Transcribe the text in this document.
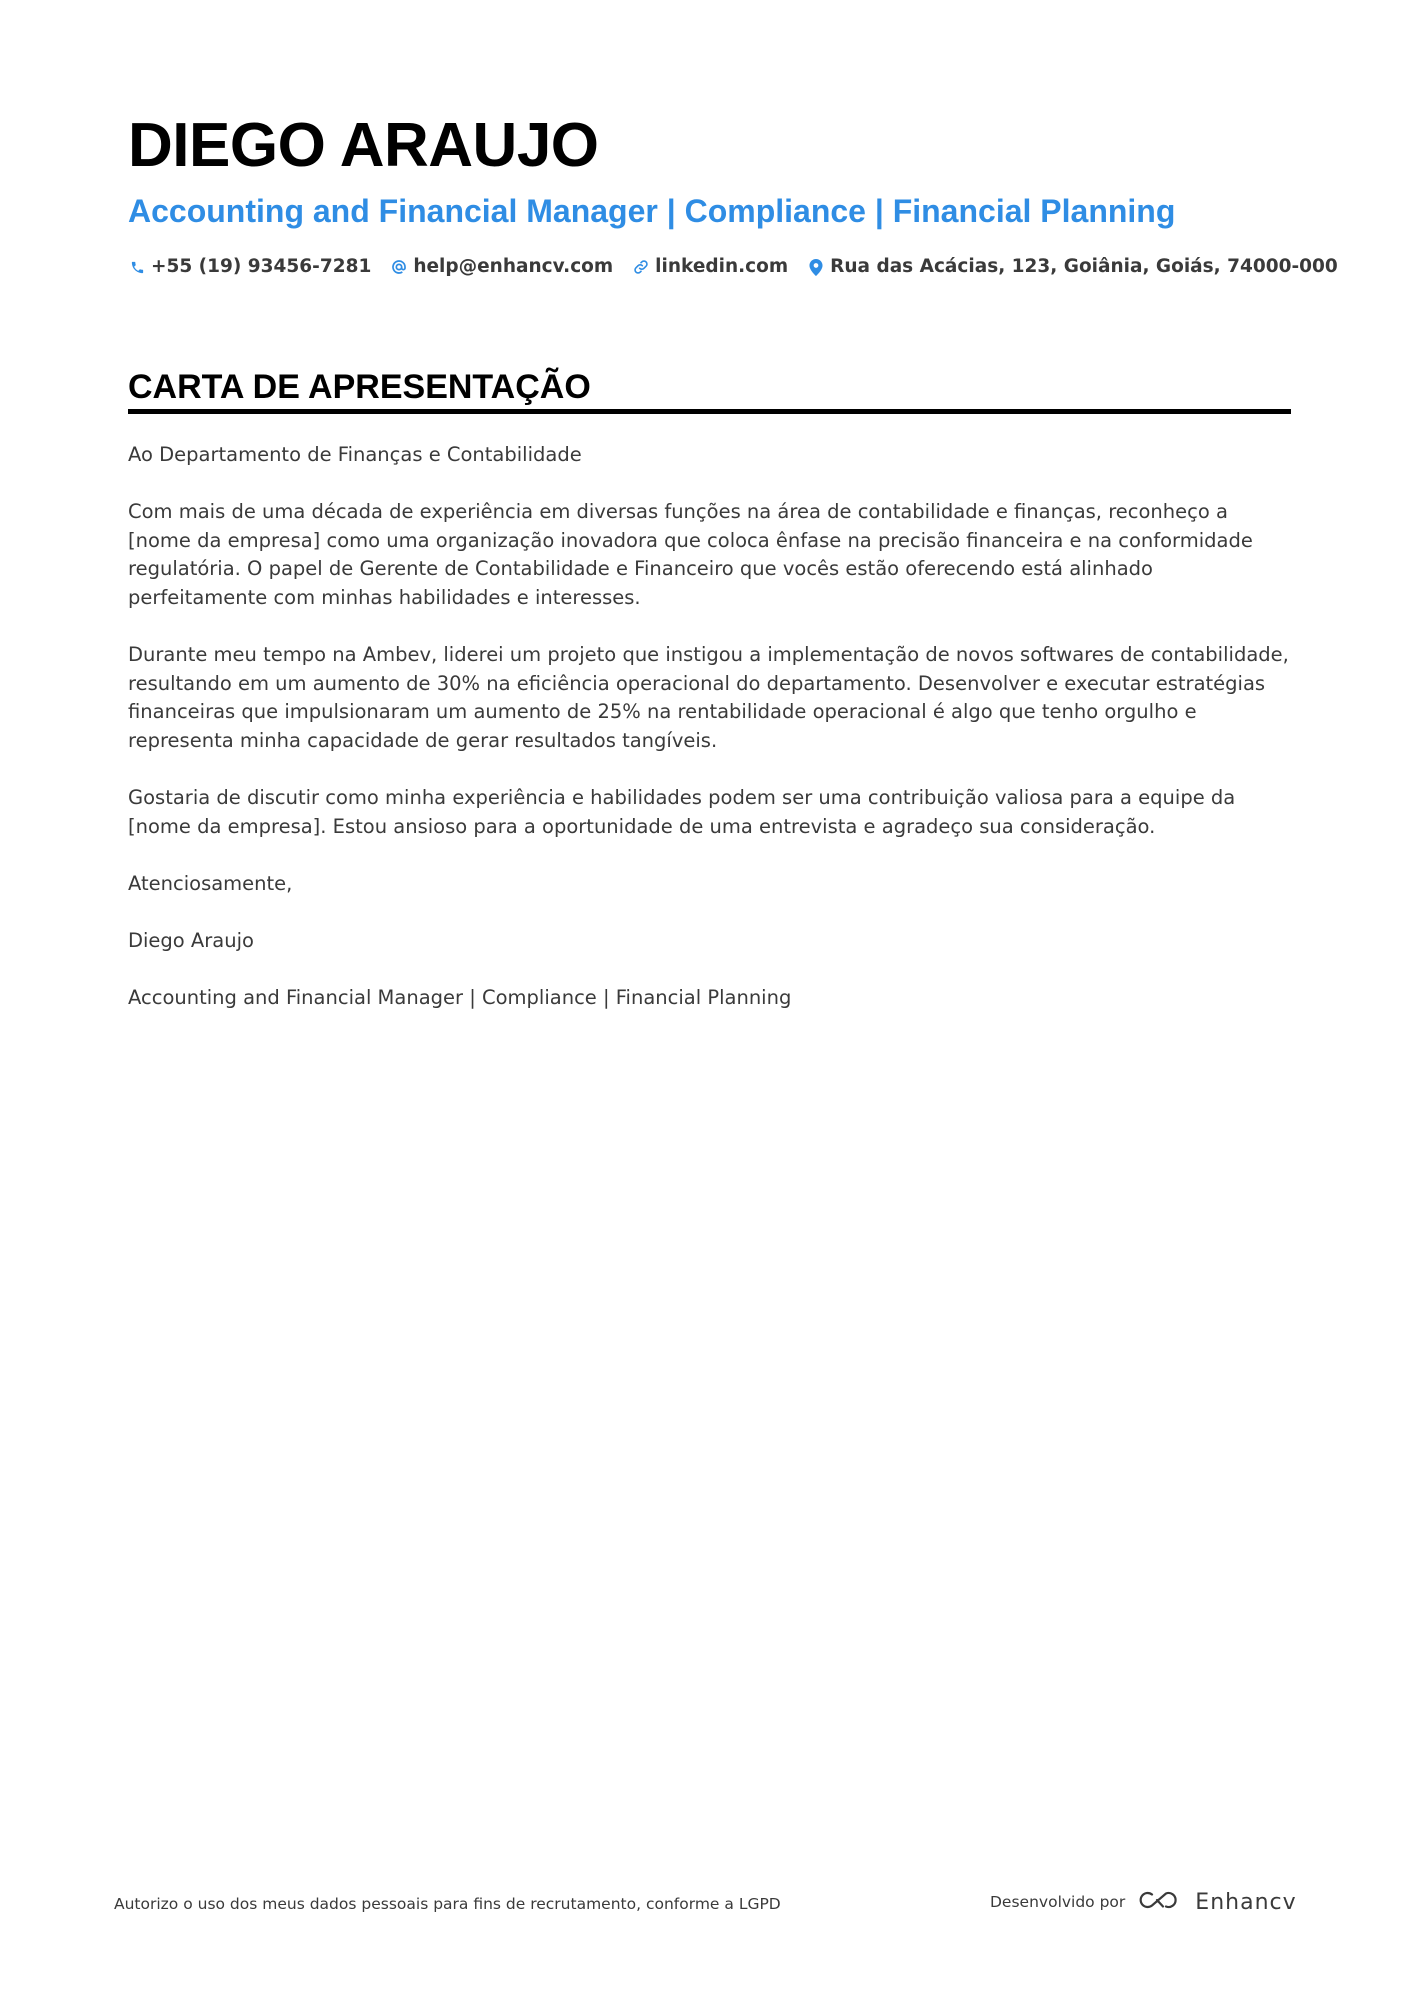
DIEGO ARAUJO
Accounting and Financial Manager | Compliance | Financial Planning
+55 (19) 93456-7281 help@enhancv.com linkedin.com Rua das Acácias, 123, Goiânia, Goiás, 74000-000
CARTA DE APRESENTAÇÃO

Ao Departamento de Finanças e Contabilidade

Com mais de uma década de experiência em diversas funções na área de contabilidade e finanças, reconheço a [nome da empresa] como uma organização inovadora que coloca ênfase na precisão financeira e na conformidade regulatória. O papel de Gerente de Contabilidade e Financeiro que vocês estão oferecendo está alinhado perfeitamente com minhas habilidades e interesses.

Durante meu tempo na Ambev, liderei um projeto que instigou a implementação de novos softwares de contabilidade, resultando em um aumento de 30% na eficiência operacional do departamento. Desenvolver e executar estratégias financeiras que impulsionaram um aumento de 25% na rentabilidade operacional é algo que tenho orgulho e representa minha capacidade de gerar resultados tangíveis.

Gostaria de discutir como minha experiência e habilidades podem ser uma contribuição valiosa para a equipe da [nome da empresa]. Estou ansioso para a oportunidade de uma entrevista e agradeço sua consideração.

Atenciosamente,

Diego Araujo

Accounting and Financial Manager | Compliance | Financial Planning

Autorizo o uso dos meus dados pessoais para fins de recrutamento, conforme a LGPD	Desenvolvido por	Enhancv
